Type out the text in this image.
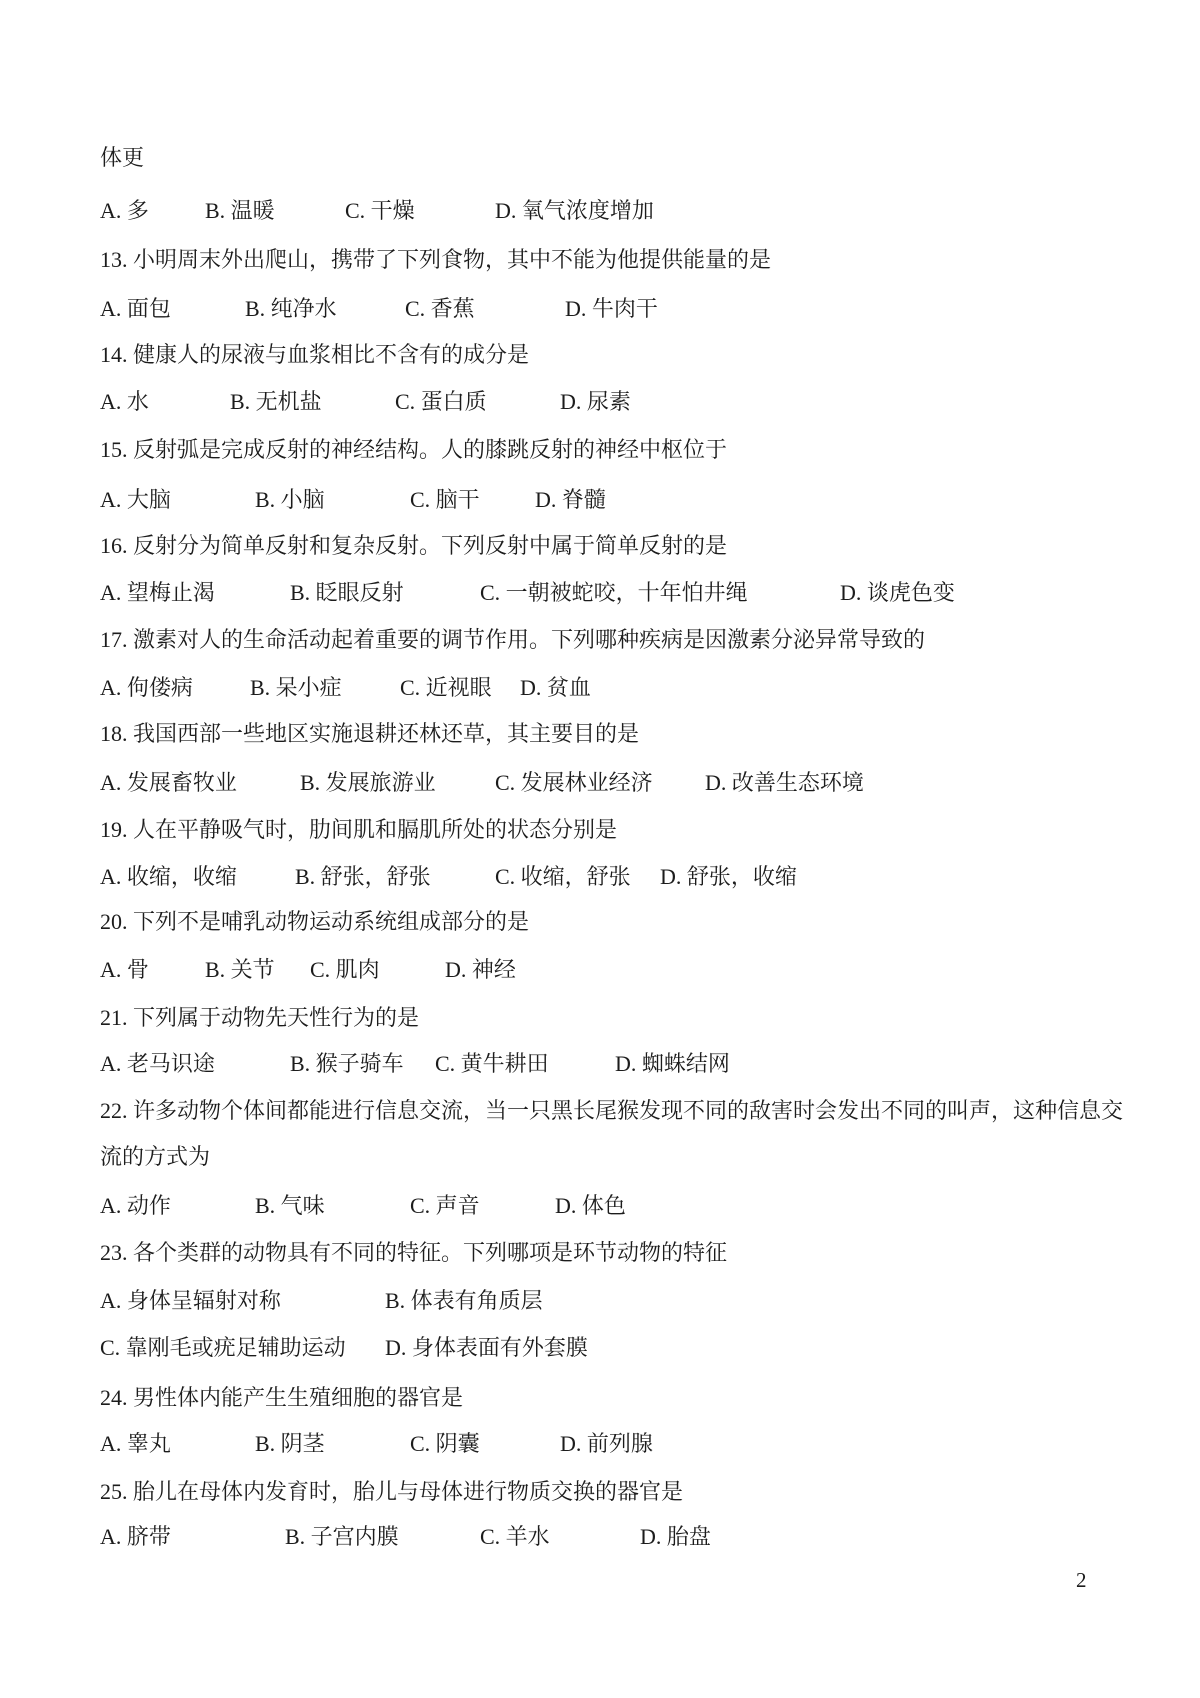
体更
A. 多	B. 温暖	C. 干燥	D. 氧气浓度增加
13. 小明周末外出爬山，携带了下列食物，其中不能为他提供能量的是
A. 面包	B. 纯净水	C. 香蕉	D. 牛肉干
14. 健康人的尿液与血浆相比不含有的成分是
A. 水	B. 无机盐	C. 蛋白质	D. 尿素
15. 反射弧是完成反射的神经结构。人的膝跳反射的神经中枢位于
A. 大脑	B. 小脑	C. 脑干	D. 脊髓
16. 反射分为简单反射和复杂反射。下列反射中属于简单反射的是
A. 望梅止渴	B. 眨眼反射	C. 一朝被蛇咬，十年怕井绳	D. 谈虎色变
17. 激素对人的生命活动起着重要的调节作用。下列哪种疾病是因激素分泌异常导致的
A. 佝偻病	B. 呆小症	C. 近视眼 D. 贫血
18. 我国西部一些地区实施退耕还林还草，其主要目的是
A. 发展畜牧业	B. 发展旅游业	C. 发展林业经济 D. 改善生态环境
19. 人在平静吸气时，肋间肌和膈肌所处的状态分别是
A. 收缩，收缩	B. 舒张，舒张	C. 收缩，舒张 D. 舒张，收缩
20. 下列不是哺乳动物运动系统组成部分的是
A. 骨	B. 关节 C. 肌肉	D. 神经
21. 下列属于动物先天性行为的是
A. 老马识途	B. 猴子骑车 C. 黄牛耕田	D. 蜘蛛结网
22. 许多动物个体间都能进行信息交流，当一只黑长尾猴发现不同的敌害时会发出不同的叫声，这种信息交
流的方式为
A. 动作	B. 气味	C. 声音	D. 体色
23. 各个类群的动物具有不同的特征。下列哪项是环节动物的特征
A. 身体呈辐射对称	B. 体表有角质层
C. 靠刚毛或疣足辅助运动 D. 身体表面有外套膜
24. 男性体内能产生生殖细胞的器官是
A. 睾丸	B. 阴茎	C. 阴囊	D. 前列腺
25. 胎儿在母体内发育时，胎儿与母体进行物质交换的器官是
A. 脐带	B. 子宫内膜	C. 羊水	D. 胎盘
2
